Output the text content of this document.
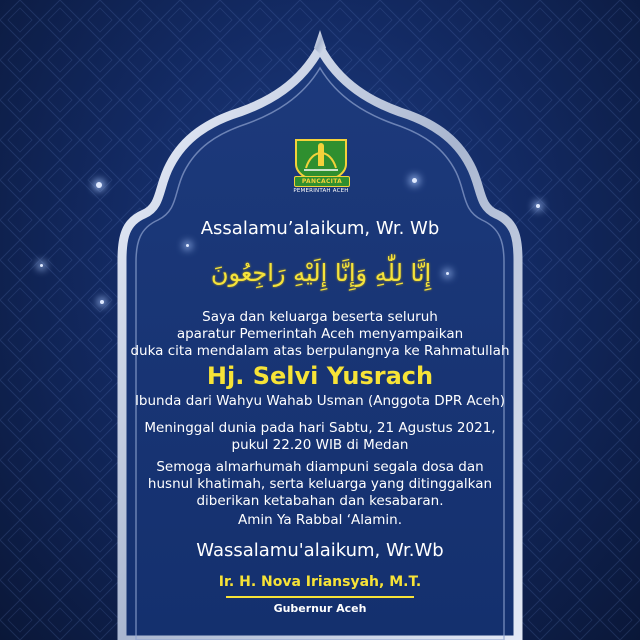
PANCACITA
PEMERINTAH ACEH
Assalamu’alaikum, Wr. Wb
إِنَّا لِلّٰهِ وَإِنَّا إِلَيْهِ رَاجِعُونَ
Saya dan keluarga beserta seluruh
aparatur Pemerintah Aceh menyampaikan
duka cita mendalam atas berpulangnya ke Rahmatullah
Hj. Selvi Yusrach
Ibunda dari Wahyu Wahab Usman (Anggota DPR Aceh)
Meninggal dunia pada hari Sabtu, 21 Agustus 2021,
pukul 22.20 WIB di Medan
Semoga almarhumah diampuni segala dosa dan
husnul khatimah, serta keluarga yang ditinggalkan
diberikan ketabahan dan kesabaran.
Amin Ya Rabbal ‘Alamin.
Wassalamu'alaikum, Wr.Wb
Ir. H. Nova Iriansyah, M.T.
Gubernur Aceh
